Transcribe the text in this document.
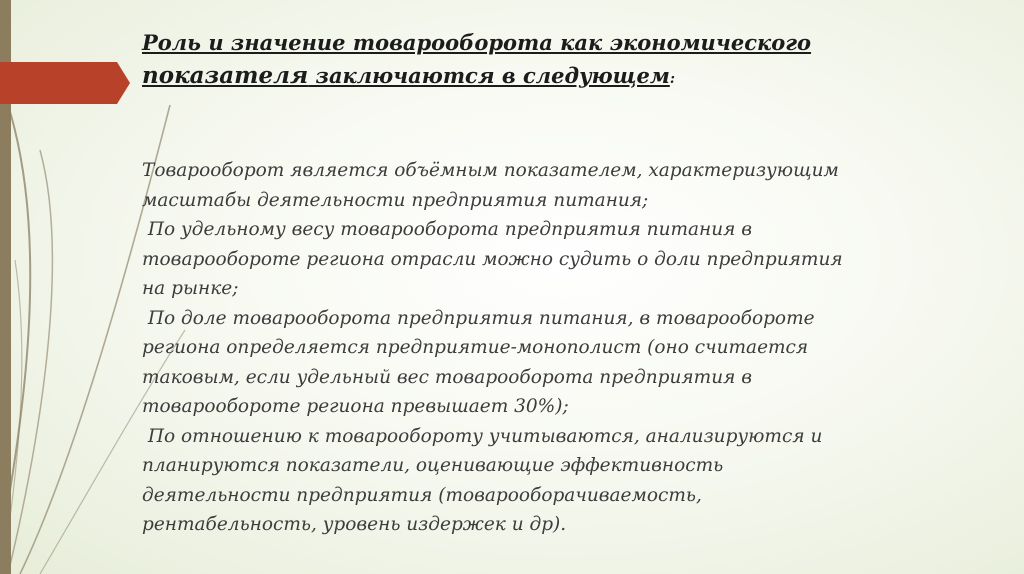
Роль и значение товарооборота как экономического
показателя заключаются в следующем:

Товарооборот является объёмным показателем, характеризующим

масштабы деятельности предприятия питания;

По удельному весу товарооборота предприятия питания в

товарообороте региона отрасли можно судить о доли предприятия

на рынке;

По доле товарооборота предприятия питания, в товарообороте

региона определяется предприятие-монополист (оно считается

таковым, если удельный вес товарооборота предприятия в

товарообороте региона превышает 30%);

По отношению к товарообороту учитываются, анализируются и

планируются показатели, оценивающие эффективность

деятельности предприятия (товарооборачиваемость,

рентабельность, уровень издержек и др).
